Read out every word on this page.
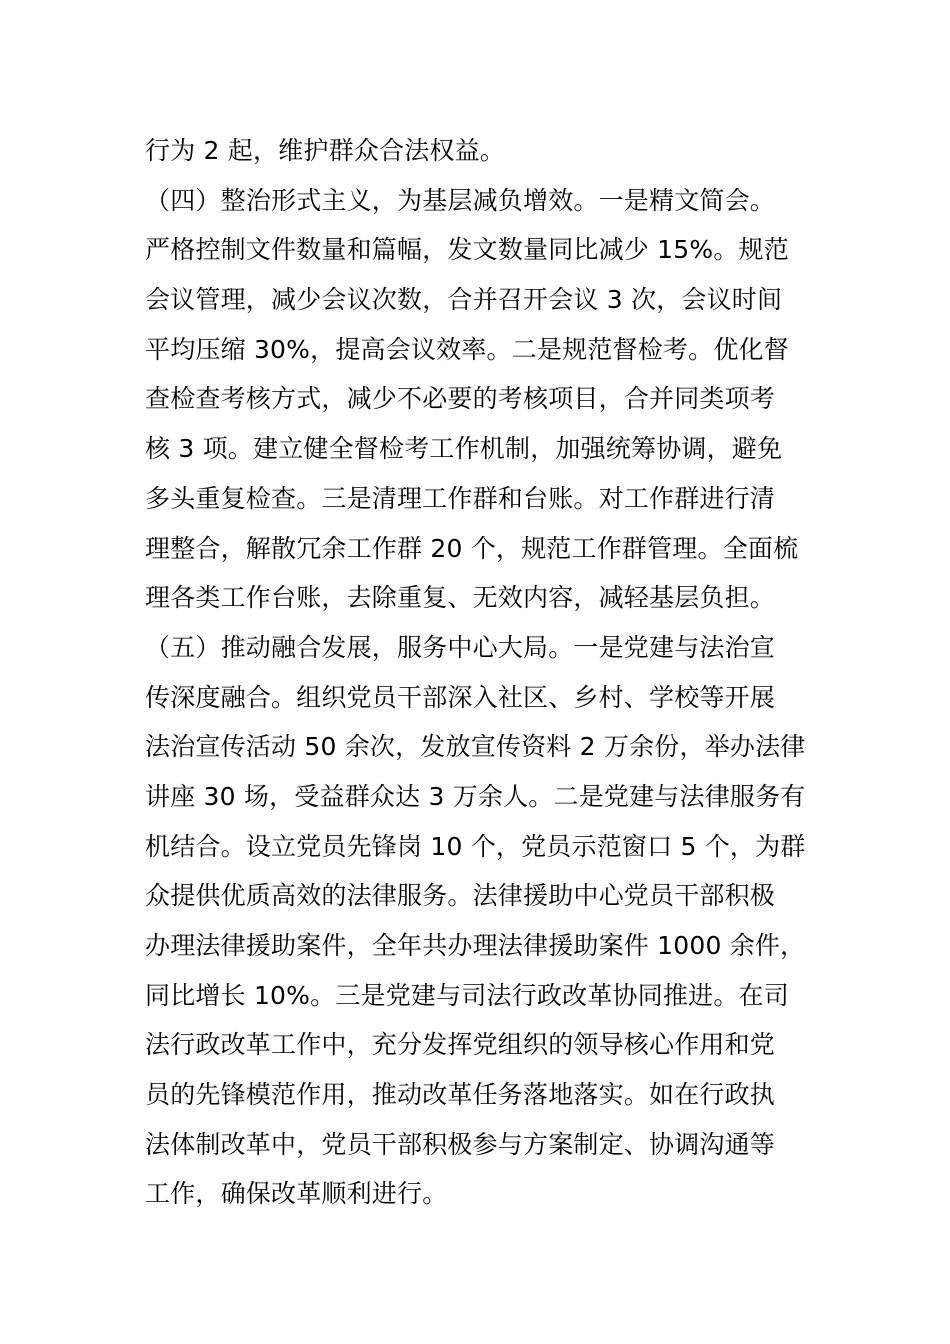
行为 2 起，维护群众合法权益。
（四）整治形式主义，为基层减负增效。一是精文简会。
严格控制文件数量和篇幅，发文数量同比减少 15%。规范
会议管理，减少会议次数，合并召开会议 3 次，会议时间
平均压缩 30%，提高会议效率。二是规范督检考。优化督
查检查考核方式，减少不必要的考核项目，合并同类项考
核 3 项。建立健全督检考工作机制，加强统筹协调，避免
多头重复检查。三是清理工作群和台账。对工作群进行清
理整合，解散冗余工作群 20 个，规范工作群管理。全面梳
理各类工作台账，去除重复、无效内容，减轻基层负担。
（五）推动融合发展，服务中心大局。一是党建与法治宣
传深度融合。组织党员干部深入社区、乡村、学校等开展
法治宣传活动 50 余次，发放宣传资料 2 万余份，举办法律
讲座 30 场，受益群众达 3 万余人。二是党建与法律服务有
机结合。设立党员先锋岗 10 个，党员示范窗口 5 个，为群
众提供优质高效的法律服务。法律援助中心党员干部积极
办理法律援助案件，全年共办理法律援助案件 1000 余件，
同比增长 10%。三是党建与司法行政改革协同推进。在司
法行政改革工作中，充分发挥党组织的领导核心作用和党
员的先锋模范作用，推动改革任务落地落实。如在行政执
法体制改革中，党员干部积极参与方案制定、协调沟通等
工作，确保改革顺利进行。
